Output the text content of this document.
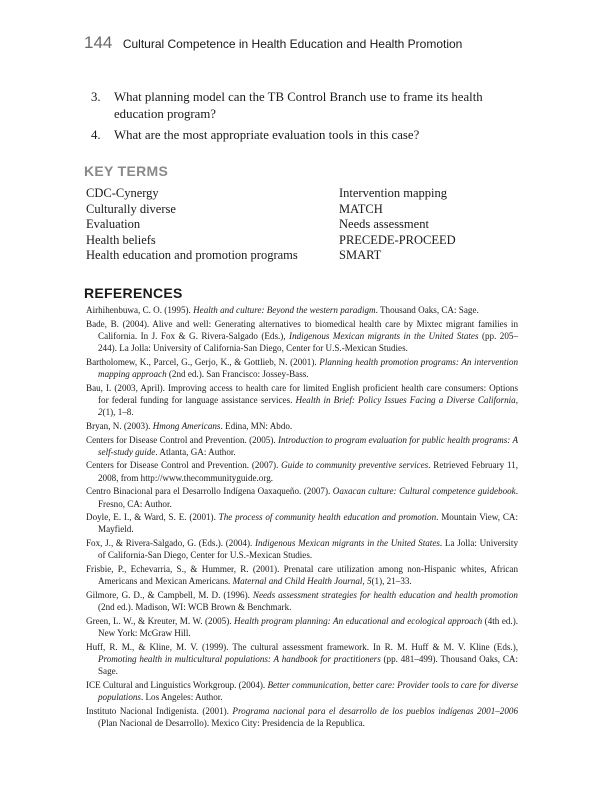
144 Cultural Competence in Health Education and Health Promotion
3.	What planning model can the TB Control Branch use to frame its health education program?
4.	What are the most appropriate evaluation tools in this case?
KEY TERMS
CDC-Cynergy
Culturally diverse
Evaluation
Health beliefs
Health education and promotion programs
Intervention mapping
MATCH
Needs assessment
PRECEDE-PROCEED
SMART
REFERENCES
Airhihenbuwa, C. O. (1995). Health and culture: Beyond the western paradigm. Thousand Oaks, CA: Sage.
Bade, B. (2004). Alive and well: Generating alternatives to biomedical health care by Mixtec migrant families in California. In J. Fox & G. Rivera-Salgado (Eds.), Indigenous Mexican migrants in the United States (pp. 205–244). La Jolla: University of California-San Diego, Center for U.S.-Mexican Studies.
Bartholomew, K., Parcel, G., Gerjo, K., & Gottlieb, N. (2001). Planning health promotion programs: An intervention mapping approach (2nd ed.). San Francisco: Jossey-Bass.
Bau, I. (2003, April). Improving access to health care for limited English proficient health care consumers: Options for federal funding for language assistance services. Health in Brief: Policy Issues Facing a Diverse California, 2(1), 1–8.
Bryan, N. (2003). Hmong Americans. Edina, MN: Abdo.
Centers for Disease Control and Prevention. (2005). Introduction to program evaluation for public health programs: A self-study guide. Atlanta, GA: Author.
Centers for Disease Control and Prevention. (2007). Guide to community preventive services. Retrieved February 11, 2008, from http://www.thecommunityguide.org.
Centro Binacional para el Desarrollo Indígena Oaxaqueño. (2007). Oaxacan culture: Cultural competence guidebook. Fresno, CA: Author.
Doyle, E. I., & Ward, S. E. (2001). The process of community health education and promotion. Mountain View, CA: Mayfield.
Fox, J., & Rivera-Salgado, G. (Eds.). (2004). Indigenous Mexican migrants in the United States. La Jolla: University of California-San Diego, Center for U.S.-Mexican Studies.
Frisbie, P., Echevarria, S., & Hummer, R. (2001). Prenatal care utilization among non-Hispanic whites, African Americans and Mexican Americans. Maternal and Child Health Journal, 5(1), 21–33.
Gilmore, G. D., & Campbell, M. D. (1996). Needs assessment strategies for health education and health promotion (2nd ed.). Madison, WI: WCB Brown & Benchmark.
Green, L. W., & Kreuter, M. W. (2005). Health program planning: An educational and ecological approach (4th ed.). New York: McGraw Hill.
Huff, R. M., & Kline, M. V. (1999). The cultural assessment framework. In R. M. Huff & M. V. Kline (Eds.), Promoting health in multicultural populations: A handbook for practitioners (pp. 481–499). Thousand Oaks, CA: Sage.
ICE Cultural and Linguistics Workgroup. (2004). Better communication, better care: Provider tools to care for diverse populations. Los Angeles: Author.
Instituto Nacional Indigenista. (2001). Programa nacional para el desarrollo de los pueblos indígenas 2001–2006 (Plan Nacional de Desarrollo). Mexico City: Presidencia de la Republica.
